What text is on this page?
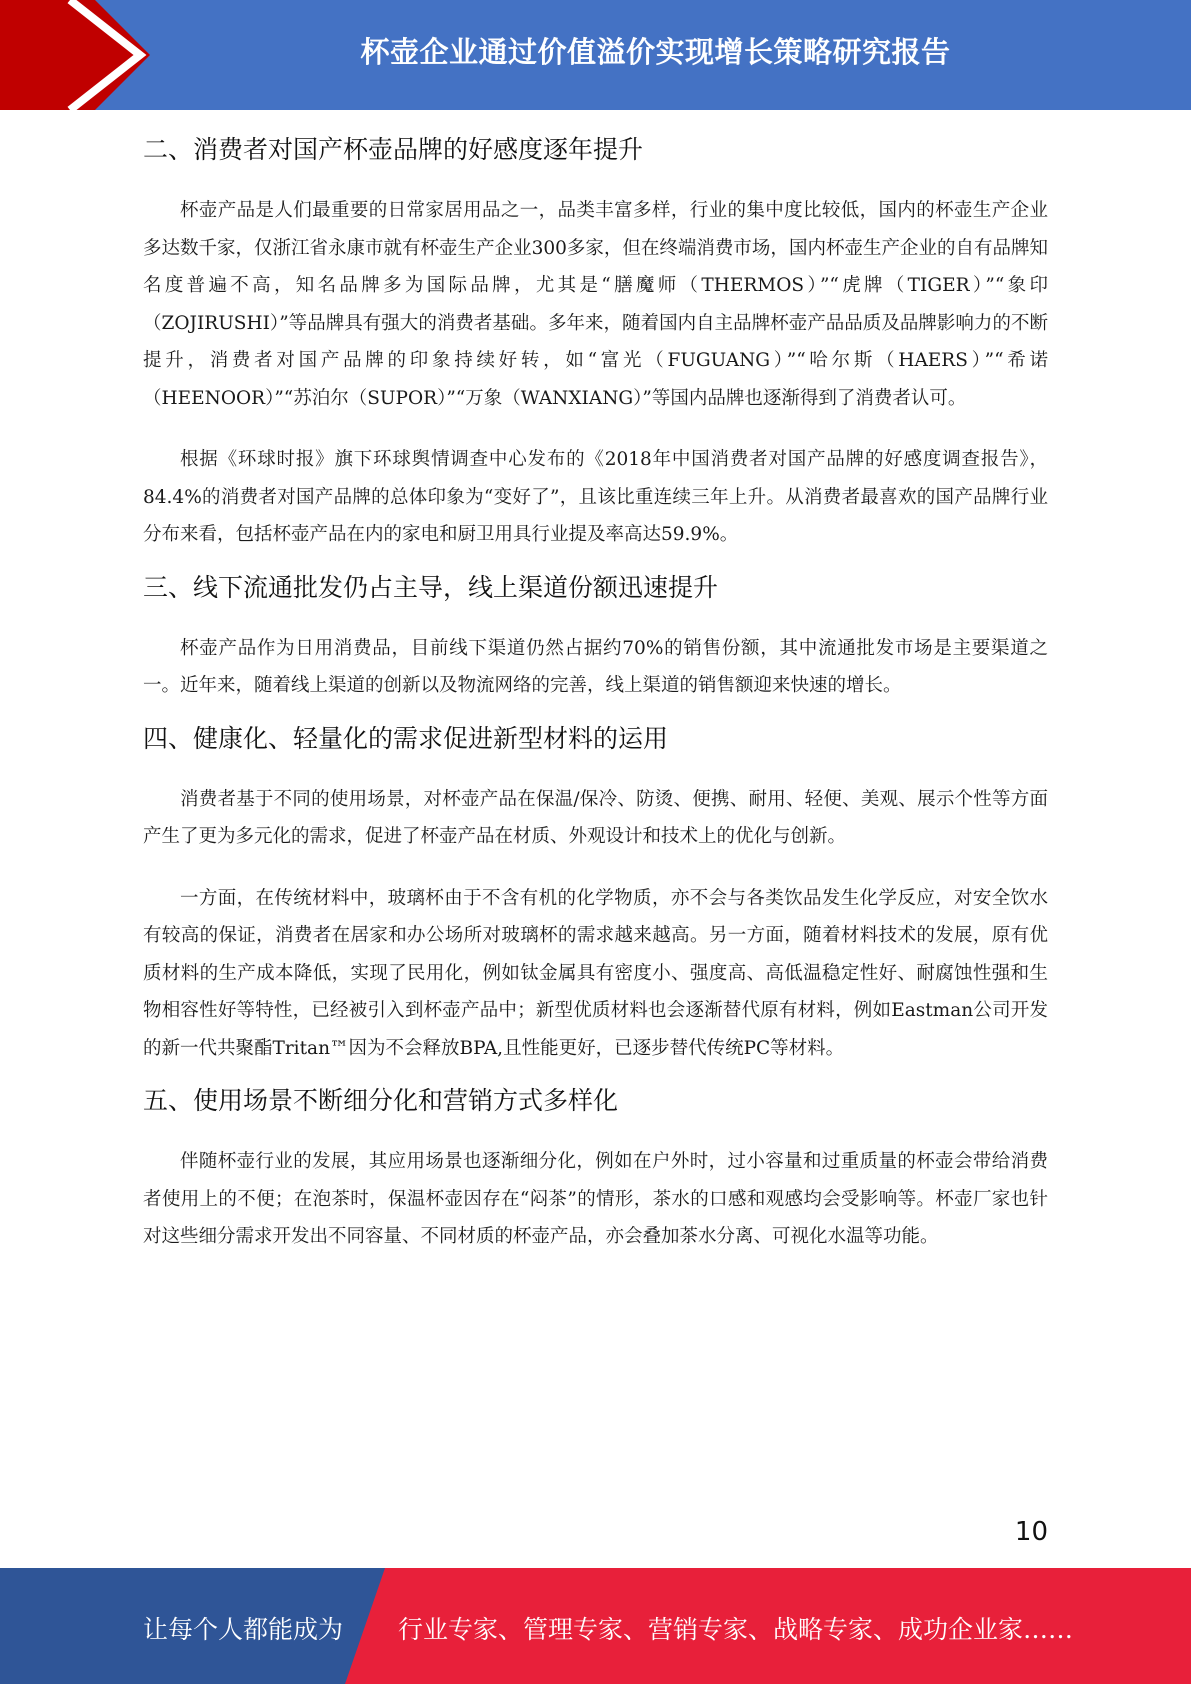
杯壶企业通过价值溢价实现增长策略研究报告
二、消费者对国产杯壶品牌的好感度逐年提升

杯壶产品是人们最重要的日常家居用品之一，品类丰富多样，行业的集中度比较低，国内的杯壶生产企业多达数千家，仅浙江省永康市就有杯壶生产企业300多家，但在终端消费市场，国内杯壶生产企业的自有品牌知名度普遍不高，知名品牌多为国际品牌，尤其是“膳魔师（THERMOS）”“虎牌（TIGER）”“象印（ZOJIRUSHI）”等品牌具有强大的消费者基础。多年来，随着国内自主品牌杯壶产品品质及品牌影响力的不断提升，消费者对国产品牌的印象持续好转，如“富光（FUGUANG）”“哈尔斯（HAERS）”“希诺（HEENOOR）”“苏泊尔（SUPOR）”“万象（WANXIANG）”等国内品牌也逐渐得到了消费者认可。

根据《环球时报》旗下环球舆情调查中心发布的《2018年中国消费者对国产品牌的好感度调查报告》，84.4%的消费者对国产品牌的总体印象为“变好了”，且该比重连续三年上升。从消费者最喜欢的国产品牌行业分布来看，包括杯壶产品在内的家电和厨卫用具行业提及率高达59.9%。

三、线下流通批发仍占主导，线上渠道份额迅速提升

杯壶产品作为日用消费品，目前线下渠道仍然占据约70%的销售份额，其中流通批发市场是主要渠道之一。近年来，随着线上渠道的创新以及物流网络的完善，线上渠道的销售额迎来快速的增长。

四、健康化、轻量化的需求促进新型材料的运用

消费者基于不同的使用场景，对杯壶产品在保温/保冷、防烫、便携、耐用、轻便、美观、展示个性等方面产生了更为多元化的需求，促进了杯壶产品在材质、外观设计和技术上的优化与创新。

一方面，在传统材料中，玻璃杯由于不含有机的化学物质，亦不会与各类饮品发生化学反应，对安全饮水有较高的保证，消费者在居家和办公场所对玻璃杯的需求越来越高。另一方面，随着材料技术的发展，原有优质材料的生产成本降低，实现了民用化，例如钛金属具有密度小、强度高、高低温稳定性好、耐腐蚀性强和生物相容性好等特性，已经被引入到杯壶产品中；新型优质材料也会逐渐替代原有材料，例如Eastman公司开发的新一代共聚酯Tritan™因为不会释放BPA,且性能更好，已逐步替代传统PC等材料。

五、使用场景不断细分化和营销方式多样化

伴随杯壶行业的发展，其应用场景也逐渐细分化，例如在户外时，过小容量和过重质量的杯壶会带给消费者使用上的不便；在泡茶时，保温杯壶因存在“闷茶”的情形，茶水的口感和观感均会受影响等。杯壶厂家也针对这些细分需求开发出不同容量、不同材质的杯壶产品，亦会叠加茶水分离、可视化水温等功能。

10
让每个人都能成为 行业专家、管理专家、营销专家、战略专家、成功企业家……
